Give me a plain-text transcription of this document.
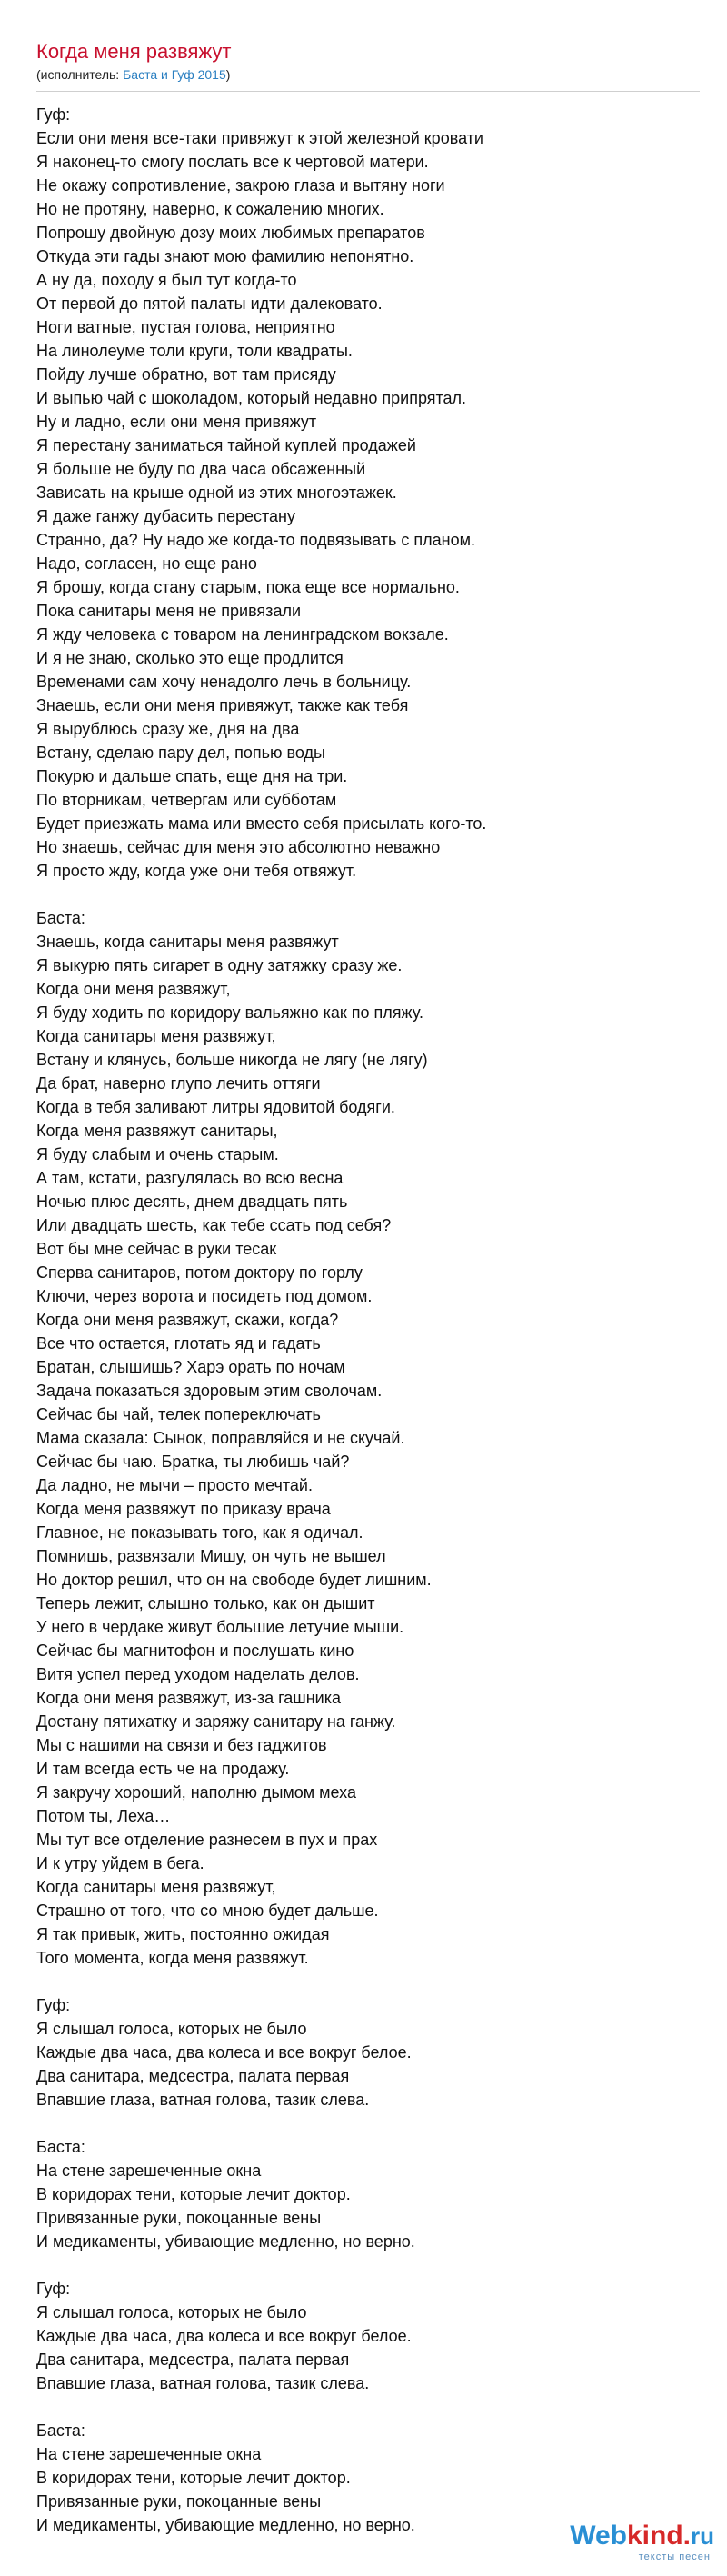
Когда меня развяжут
(исполнитель: Баста и Гуф 2015)
Гуф:
Если они меня все-таки привяжут к этой железной кровати
Я наконец-то смогу послать все к чертовой матери.
Не окажу сопротивление, закрою глаза и вытяну ноги
Но не протяну, наверно, к сожалению многих.
Попрошу двойную дозу моих любимых препаратов
Откуда эти гады знают мою фамилию непонятно.
А ну да, походу я был тут когда-то
От первой до пятой палаты идти далековато.
Ноги ватные, пустая голова, неприятно
На линолеуме толи круги, толи квадраты.
Пойду лучше обратно, вот там присяду
И выпью чай с шоколадом, который недавно припрятал.
Ну и ладно, если они меня привяжут
Я перестану заниматься тайной куплей продажей
Я больше не буду по два часа обсаженный
Зависать на крыше одной из этих многоэтажек.
Я даже ганжу дубасить перестану
Странно, да? Ну надо же когда-то подвязывать с планом.
Надо, согласен, но еще рано
Я брошу, когда стану старым, пока еще все нормально.
Пока санитары меня не привязали
Я жду человека с товаром на ленинградском вокзале.
И я не знаю, сколько это еще продлится
Временами сам хочу ненадолго лечь в больницу.
Знаешь, если они меня привяжут, также как тебя
Я вырублюсь сразу же, дня на два
Встану, сделаю пару дел, попью воды
Покурю и дальше спать, еще дня на три.
По вторникам, четвергам или субботам
Будет приезжать мама или вместо себя присылать кого-то.
Но знаешь, сейчас для меня это абсолютно неважно
Я просто жду, когда уже они тебя отвяжут.
Баста:
Знаешь, когда санитары меня развяжут
Я выкурю пять сигарет в одну затяжку сразу же.
Когда они меня развяжут,
Я буду ходить по коридору вальяжно как по пляжу.
Когда санитары меня развяжут,
Встану и клянусь, больше никогда не лягу (не лягу)
Да брат, наверно глупо лечить оттяги
Когда в тебя заливают литры ядовитой бодяги.
Когда меня развяжут санитары,
Я буду слабым и очень старым.
А там, кстати, разгулялась во всю весна
Ночью плюс десять, днем двадцать пять
Или двадцать шесть, как тебе ссать под себя?
Вот бы мне сейчас в руки тесак
Сперва санитаров, потом доктору по горлу
Ключи, через ворота и посидеть под домом.
Когда они меня развяжут, скажи, когда?
Все что остается, глотать яд и гадать
Братан, слышишь? Харэ орать по ночам
Задача показаться здоровым этим сволочам.
Сейчас бы чай, телек попереключать
Мама сказала: Сынок, поправляйся и не скучай.
Сейчас бы чаю. Братка, ты любишь чай?
Да ладно, не мычи – просто мечтай.
Когда меня развяжут по приказу врача
Главное, не показывать того, как я одичал.
Помнишь, развязали Мишу, он чуть не вышел
Но доктор решил, что он на свободе будет лишним.
Теперь лежит, слышно только, как он дышит
У него в чердаке живут большие летучие мыши.
Сейчас бы магнитофон и послушать кино
Витя успел перед уходом наделать делов.
Когда они меня развяжут, из-за гашника
Достану пятихатку и заряжу санитару на ганжу.
Мы с нашими на связи и без гаджитов
И там всегда есть че на продажу.
Я закручу хороший, наполню дымом меха
Потом ты, Леха…
Мы тут все отделение разнесем в пух и прах
И к утру уйдем в бега.
Когда санитары меня развяжут,
Страшно от того, что со мною будет дальше.
Я так привык, жить, постоянно ожидая
Того момента, когда меня развяжут.
Гуф:
Я слышал голоса, которых не было
Каждые два часа, два колеса и все вокруг белое.
Два санитара, медсестра, палата первая
Впавшие глаза, ватная голова, тазик слева.
Баста:
На стене зарешеченные окна
В коридорах тени, которые лечит доктор.
Привязанные руки, покоцанные вены
И медикаменты, убивающие медленно, но верно.
Гуф:
Я слышал голоса, которых не было
Каждые два часа, два колеса и все вокруг белое.
Два санитара, медсестра, палата первая
Впавшие глаза, ватная голова, тазик слева.
Баста:
На стене зарешеченные окна
В коридорах тени, которые лечит доктор.
Привязанные руки, покоцанные вены
И медикаменты, убивающие медленно, но верно.	Webkind.ru
тексты песен
